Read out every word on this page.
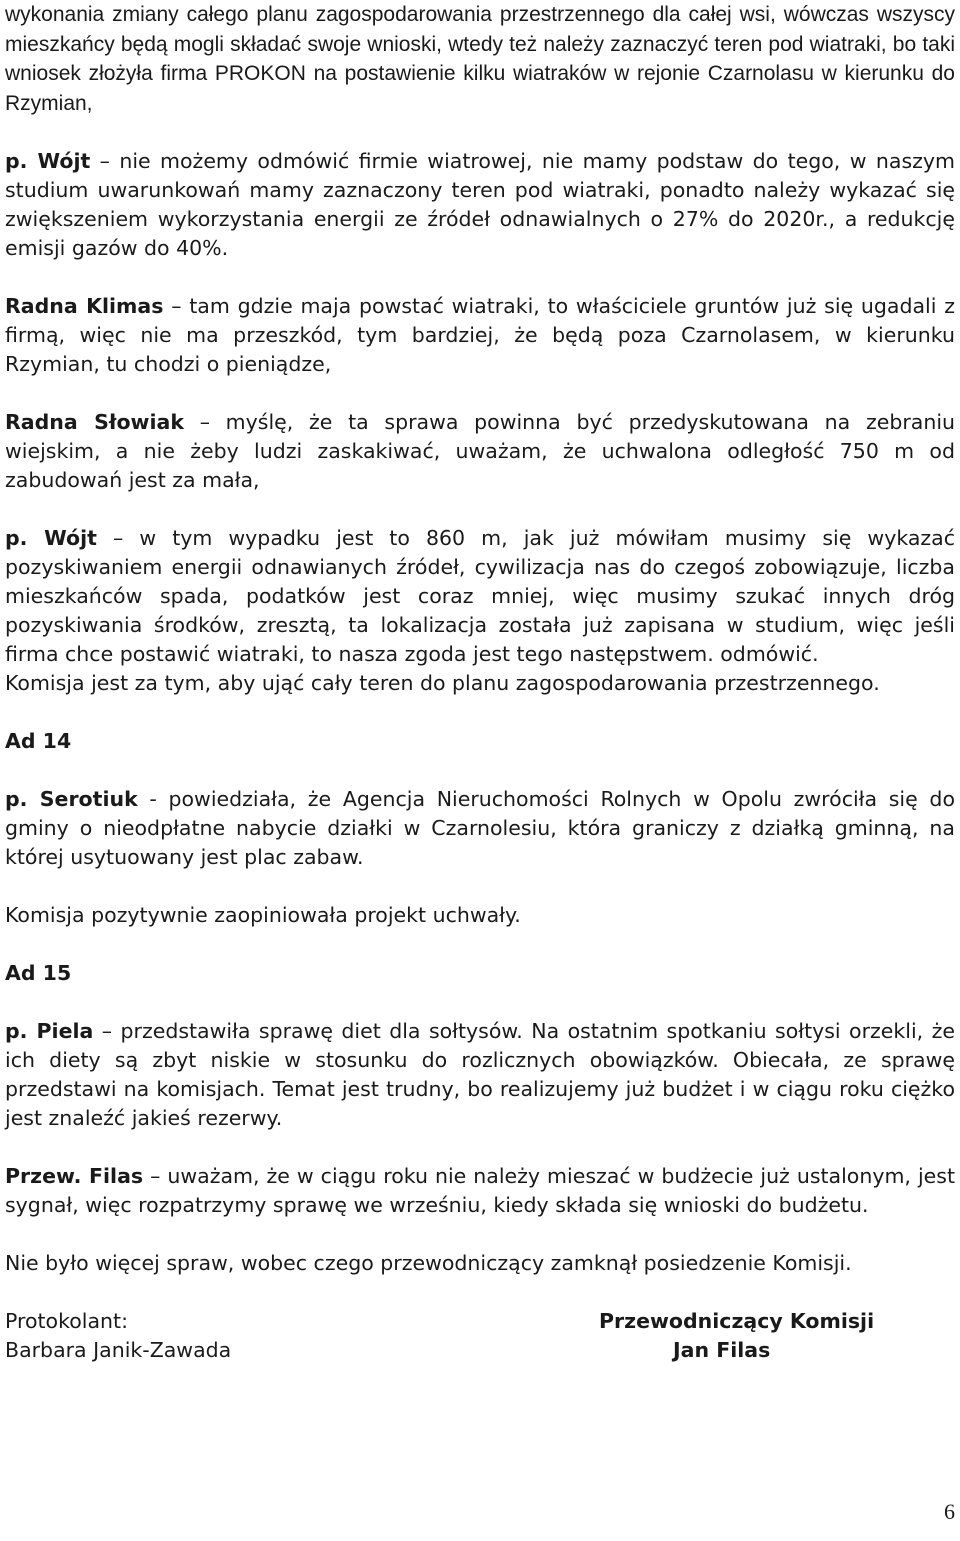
wykonania zmiany całego planu zagospodarowania przestrzennego dla całej wsi, wówczas wszyscy mieszkańcy będą mogli składać swoje wnioski, wtedy też należy zaznaczyć teren pod wiatraki, bo taki wniosek złożyła firma PROKON na postawienie kilku wiatraków w rejonie Czarnolasu w kierunku do Rzymian,

p. Wójt – nie możemy odmówić firmie wiatrowej, nie mamy podstaw do tego, w naszym studium uwarunkowań mamy zaznaczony teren pod wiatraki, ponadto należy wykazać się zwiększeniem wykorzystania energii ze źródeł odnawialnych o 27% do 2020r., a redukcję emisji gazów do 40%.

Radna Klimas – tam gdzie maja powstać wiatraki, to właściciele gruntów już się ugadali z firmą, więc nie ma przeszkód, tym bardziej, że będą poza Czarnolasem, w kierunku Rzymian, tu chodzi o pieniądze,

Radna Słowiak – myślę, że ta sprawa powinna być przedyskutowana na zebraniu wiejskim, a nie żeby ludzi zaskakiwać, uważam, że uchwalona odległość 750 m od zabudowań jest za mała,

p. Wójt – w tym wypadku jest to 860 m, jak już mówiłam musimy się wykazać pozyskiwaniem energii odnawianych źródeł, cywilizacja nas do czegoś zobowiązuje, liczba mieszkańców spada, podatków jest coraz mniej, więc musimy szukać innych dróg pozyskiwania środków, zresztą, ta lokalizacja została już zapisana w studium, więc jeśli firma chce postawić wiatraki, to nasza zgoda jest tego następstwem. odmówić.

Komisja jest za tym, aby ująć cały teren do planu zagospodarowania przestrzennego.

Ad 14

p. Serotiuk - powiedziała, że Agencja Nieruchomości Rolnych w Opolu zwróciła się do gminy o nieodpłatne nabycie działki w Czarnolesiu, która graniczy z działką gminną, na której usytuowany jest plac zabaw.

Komisja pozytywnie zaopiniowała projekt uchwały.

Ad 15

p. Piela – przedstawiła sprawę diet dla sołtysów. Na ostatnim spotkaniu sołtysi orzekli, że ich diety są zbyt niskie w stosunku do rozlicznych obowiązków. Obiecała, ze sprawę przedstawi na komisjach. Temat jest trudny, bo realizujemy już budżet i w ciągu roku ciężko jest znaleźć jakieś rezerwy.

Przew. Filas – uważam, że w ciągu roku nie należy mieszać w budżecie już ustalonym, jest sygnał, więc rozpatrzymy sprawę we wrześniu, kiedy składa się wnioski do budżetu.

Nie było więcej spraw, wobec czego przewodniczący zamknął posiedzenie Komisji.

Protokolant:
Barbara Janik-Zawada
Przewodniczący Komisji
Jan Filas
6
